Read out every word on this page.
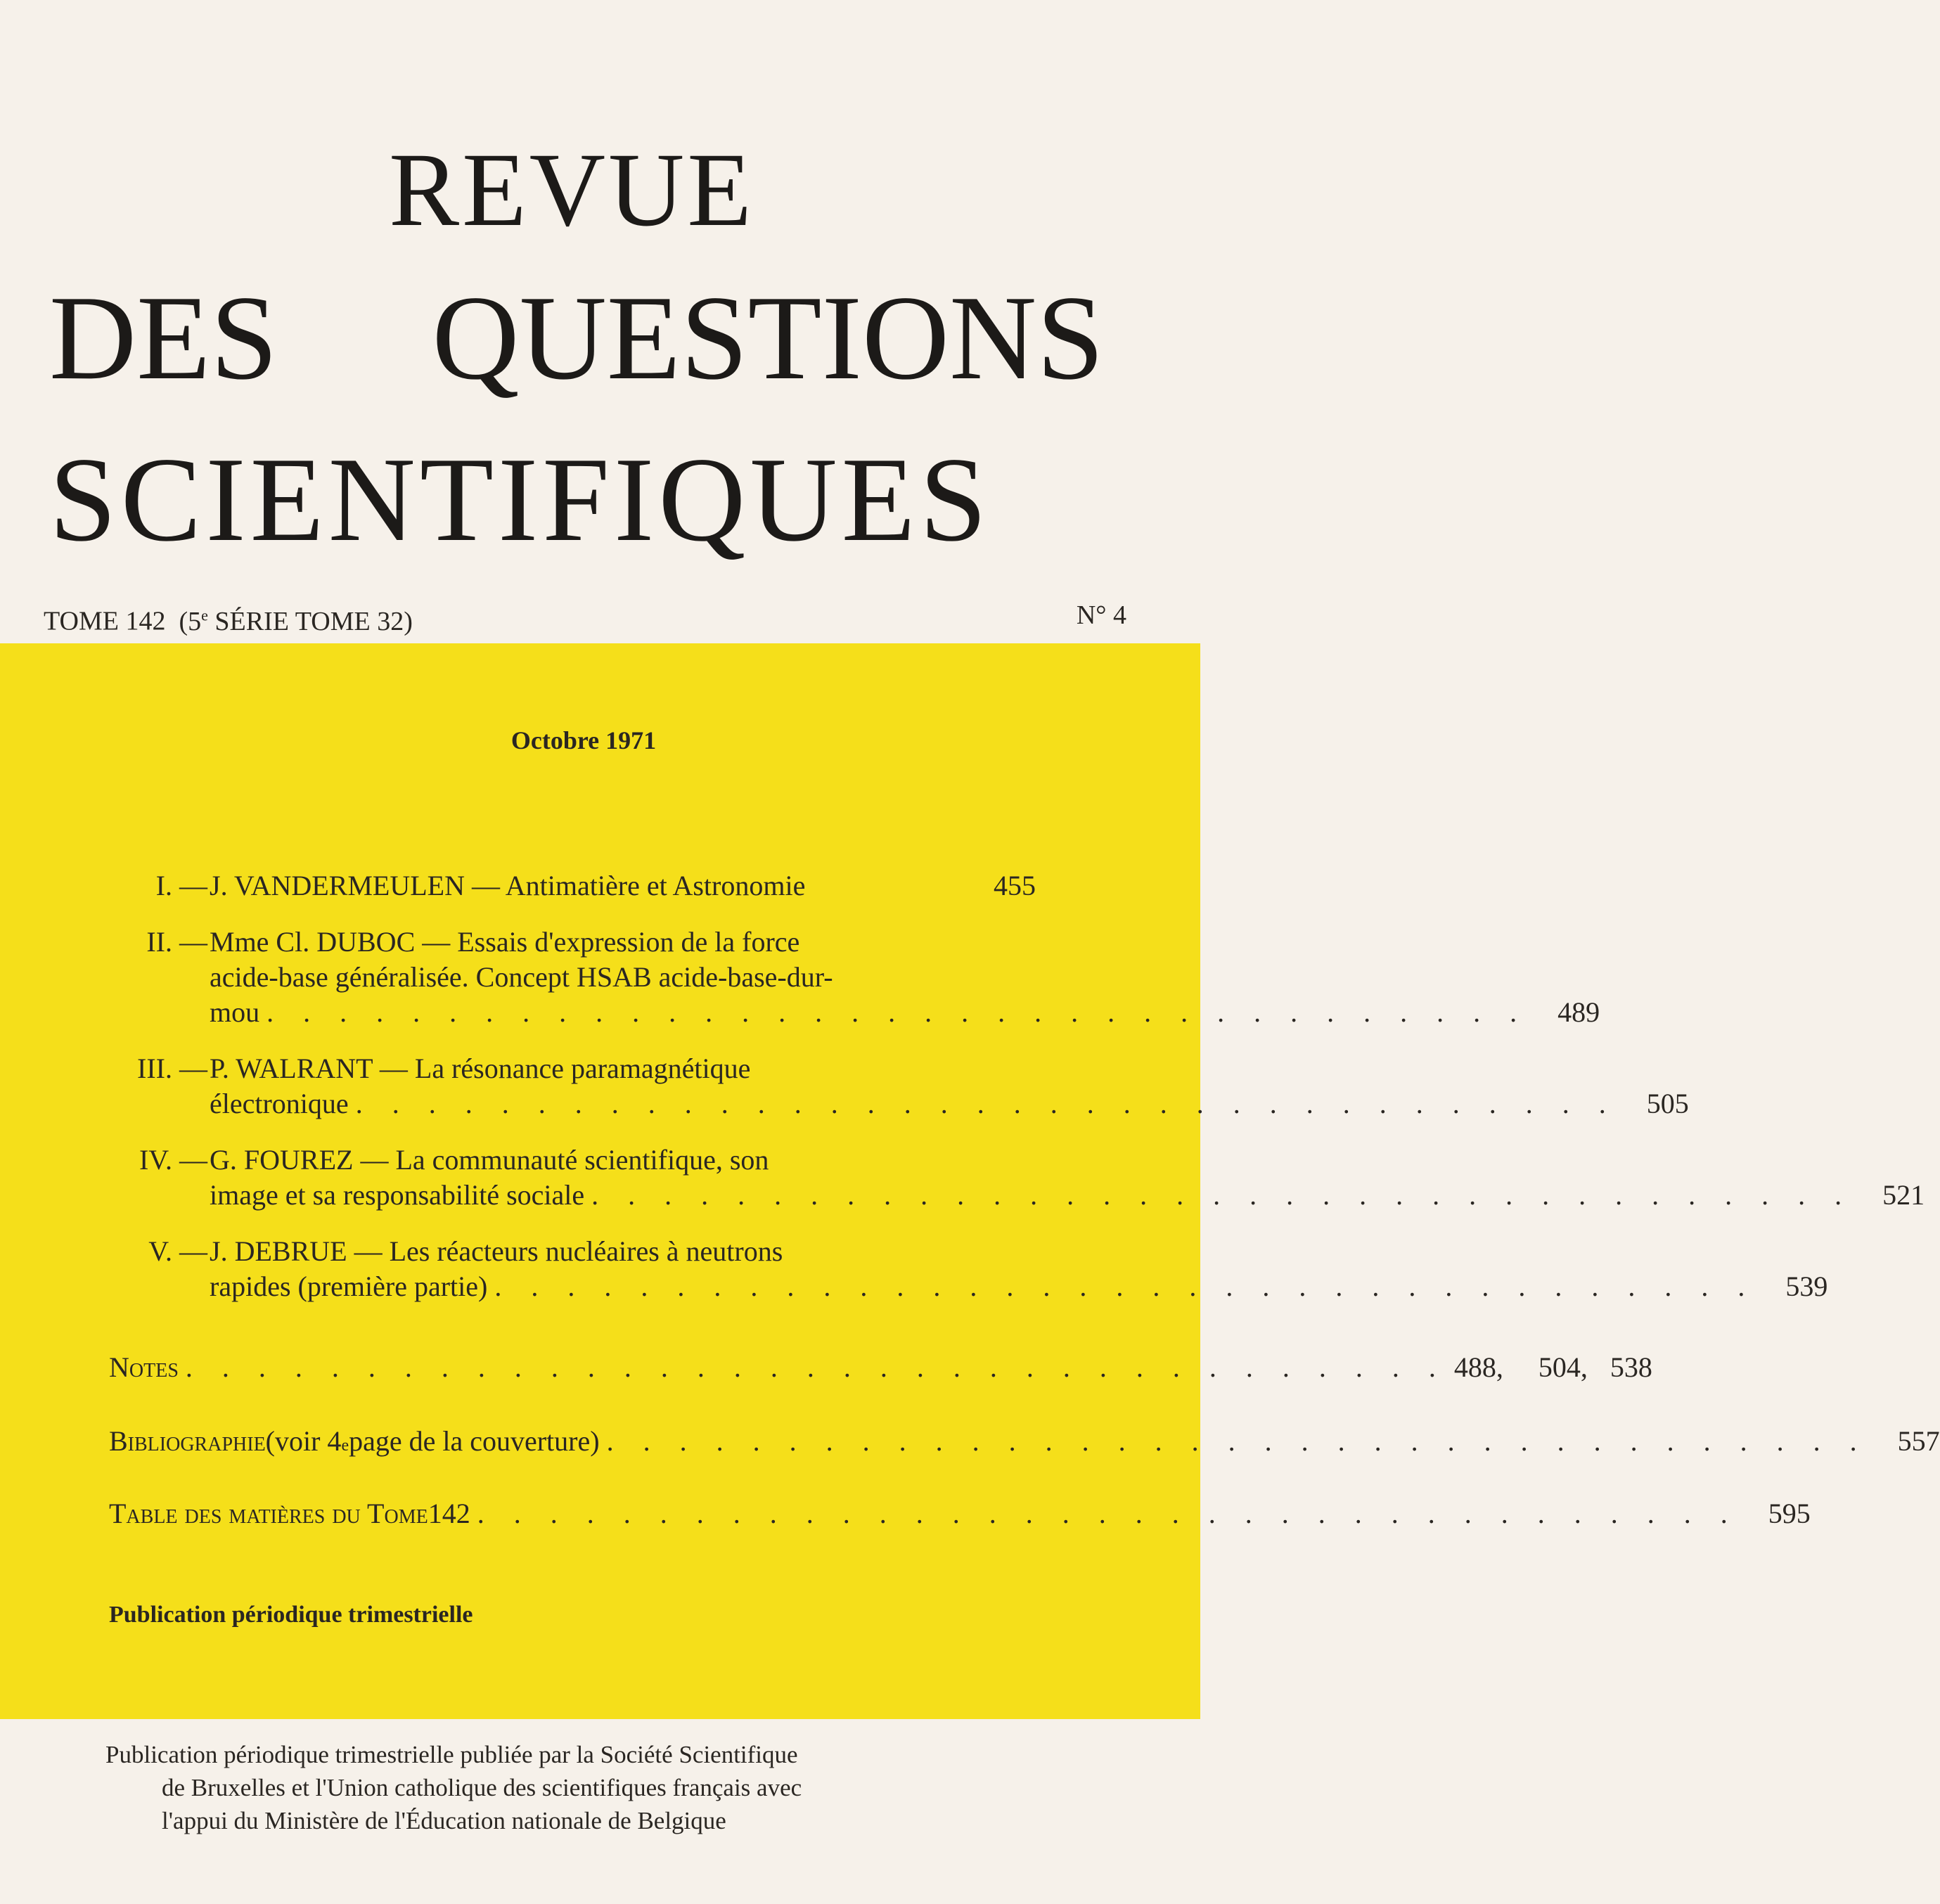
REVUE
DES QUESTIONS
SCIENTIFIQUES
TOME 142 (5e SÉRIE TOME 32)	N° 4
Octobre 1971
I. — J. VANDERMEULEN — Antimatière et Astronomie	455
II. — Mme Cl. DUBOC — Essais d'expression de la force
acide-base généralisée. Concept HSAB acide-base-dur-
mou . . . . . . . . . . . . . . . . . . . . . . . . . . . . . . . . . . .	489
III. — P. WALRANT — La résonance paramagnétique
électronique . . . . . . . . . . . . . . . . . . . . . . . . . . . . . . . . . . .	505
IV. — G. FOUREZ — La communauté scientifique, son
image et sa responsabilité sociale . . . . . . . . . . . . . . . . . . . . . . . . . . . . . . . . . . .	521
V. — J. DEBRUE — Les réacteurs nucléaires à neutrons
rapides (première partie) . . . . . . . . . . . . . . . . . . . . . . . . . . . . . . . . . . .	539
Notes . . . . . . . . . . . . . . . . . . . . . . . . . . . . . . . . . . . 488, 504, 538
Bibliographie (voir 4 e page de la couverture) . . . . . . . . . . . . . . . . . . . . . . . . . . . . . . . . . . .	557
Table des matières du Tome 142 . . . . . . . . . . . . . . . . . . . . . . . . . . . . . . . . . . .	595
Publication périodique trimestrielle
Publication périodique trimestrielle publiée par la Société Scientifique
de Bruxelles et l'Union catholique des scientifiques français avec
l'appui du Ministère de l'Éducation nationale de Belgique
